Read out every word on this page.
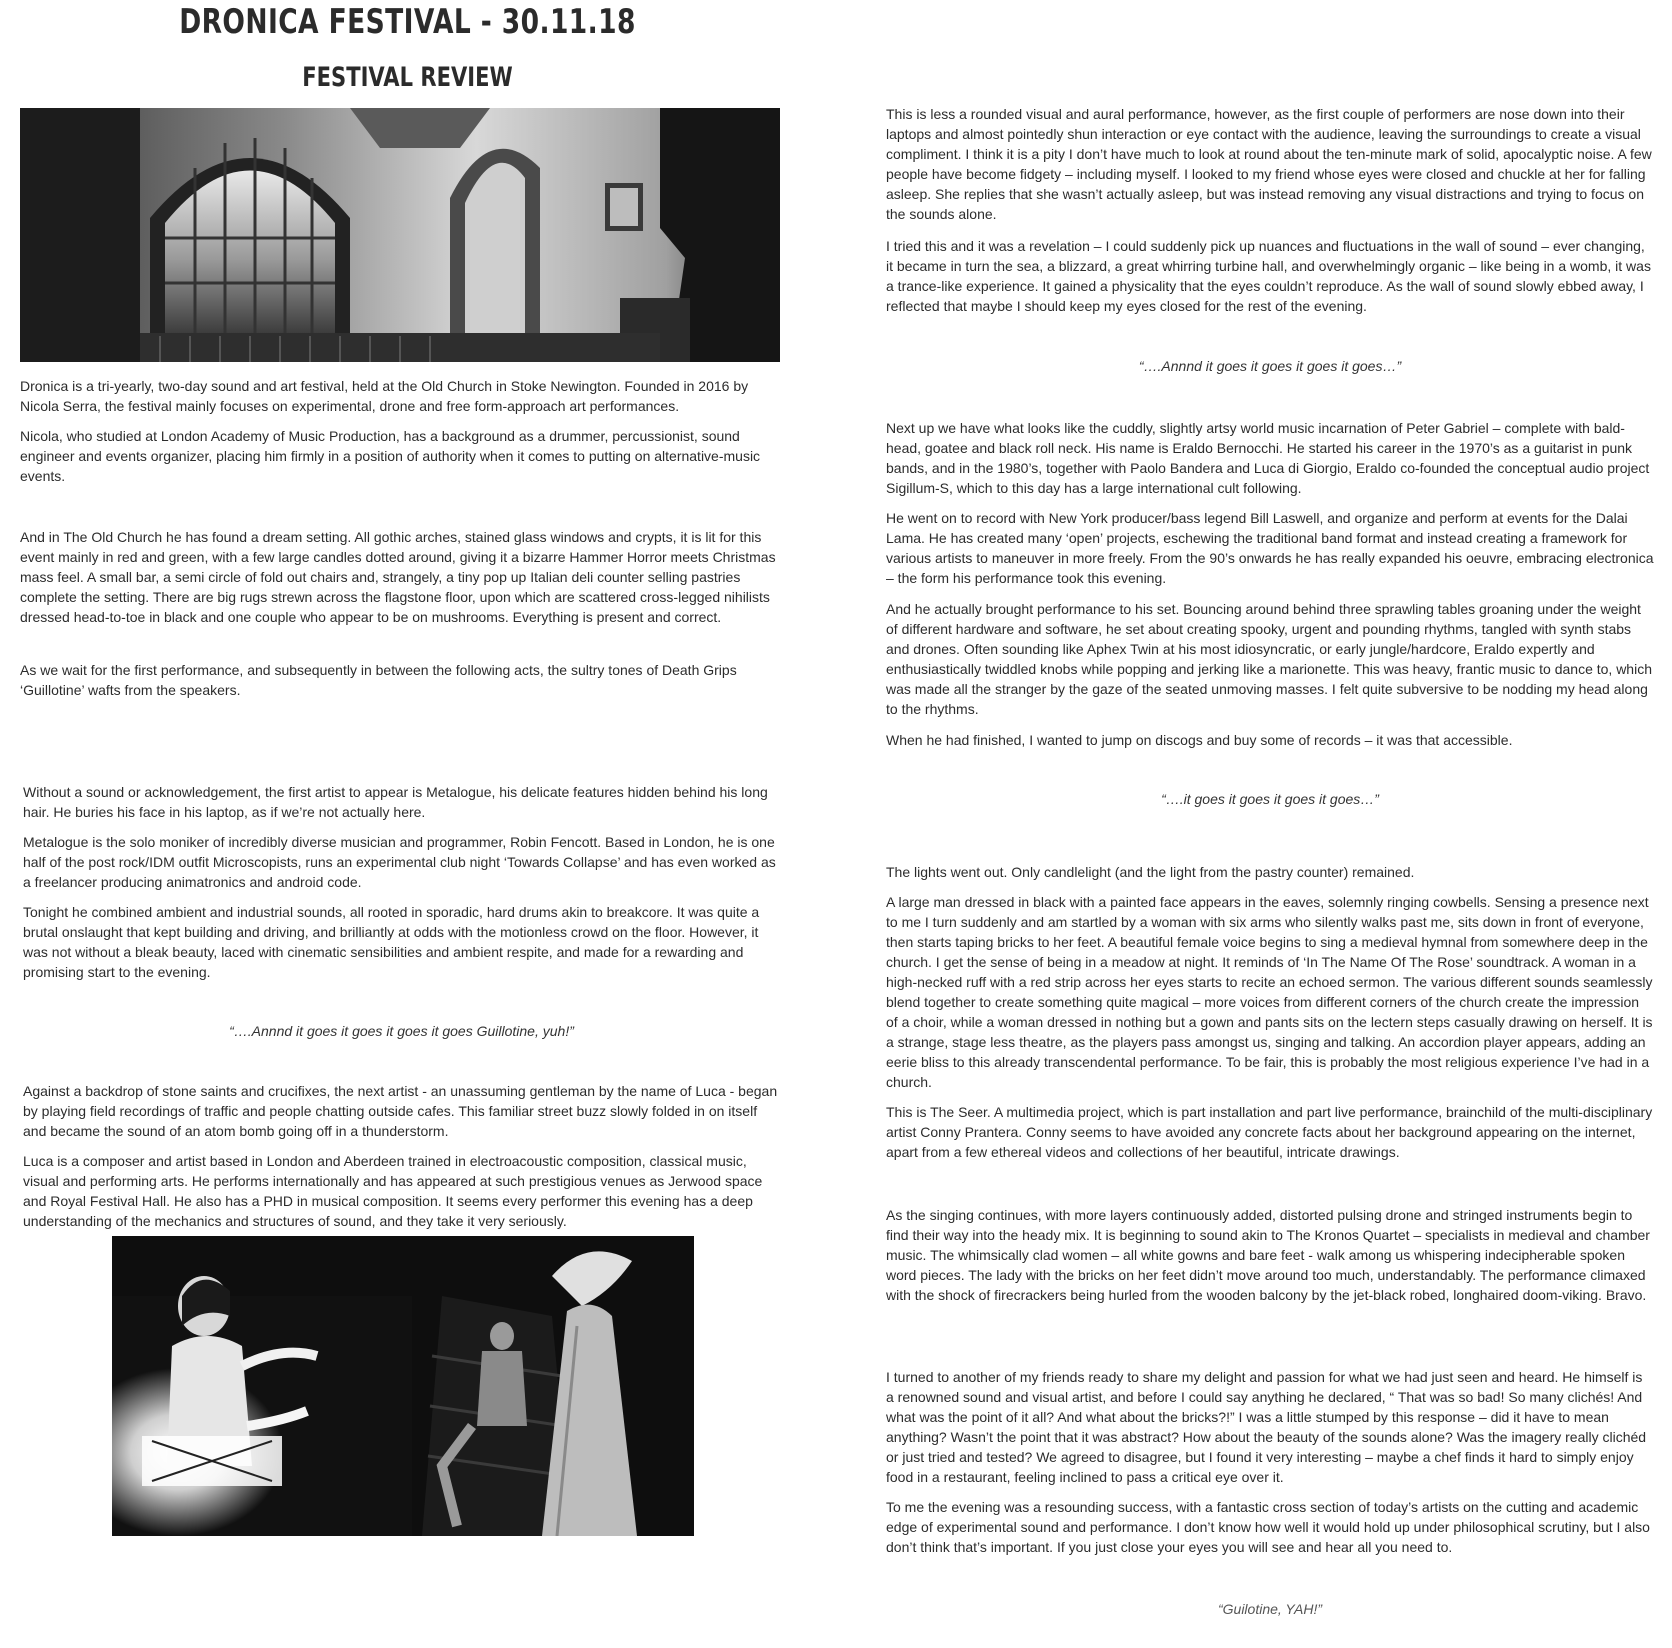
DRONICA FESTIVAL - 30.11.18
FESTIVAL REVIEW

Dronica is a tri-yearly, two-day sound and art festival, held at the Old Church in Stoke Newington. Founded in 2016 by Nicola Serra, the festival mainly focuses on experimental, drone and free form-approach art performances.

Nicola, who studied at London Academy of Music Production, has a background as a drummer, percussionist, sound engineer and events organizer, placing him firmly in a position of authority when it comes to putting on alternative-music events.

And in The Old Church he has found a dream setting. All gothic arches, stained glass windows and crypts, it is lit for this event mainly in red and green, with a few large candles dotted around, giving it a bizarre Hammer Horror meets Christmas mass feel. A small bar, a semi circle of fold out chairs and, strangely, a tiny pop up Italian deli counter selling pastries complete the setting. There are big rugs strewn across the flagstone floor, upon which are scattered cross-legged nihilists dressed head-to-toe in black and one couple who appear to be on mushrooms. Everything is present and correct.

As we wait for the first performance, and subsequently in between the following acts, the sultry tones of Death Grips ‘Guillotine’ wafts from the speakers.

Without a sound or acknowledgement, the first artist to appear is Metalogue, his delicate features hidden behind his long hair. He buries his face in his laptop, as if we’re not actually here.

Metalogue is the solo moniker of incredibly diverse musician and programmer, Robin Fencott. Based in London, he is one half of the post rock/IDM outfit Microscopists, runs an experimental club night ‘Towards Collapse’ and has even worked as a freelancer producing animatronics and android code.

Tonight he combined ambient and industrial sounds, all rooted in sporadic, hard drums akin to breakcore. It was quite a brutal onslaught that kept building and driving, and brilliantly at odds with the motionless crowd on the floor. However, it was not without a bleak beauty, laced with cinematic sensibilities and ambient respite, and made for a rewarding and promising start to the evening.

“….Annnd it goes it goes it goes it goes Guillotine, yuh!”

Against a backdrop of stone saints and crucifixes, the next artist - an unassuming gentleman by the name of Luca - began by playing field recordings of traffic and people chatting outside cafes. This familiar street buzz slowly folded in on itself and became the sound of an atom bomb going off in a thunderstorm.

Luca is a composer and artist based in London and Aberdeen trained in electroacoustic composition, classical music, visual and performing arts. He performs internationally and has appeared at such prestigious venues as Jerwood space and Royal Festival Hall. He also has a PHD in musical composition. It seems every performer this evening has a deep understanding of the mechanics and structures of sound, and they take it very seriously.

This is less a rounded visual and aural performance, however, as the first couple of performers are nose down into their laptops and almost pointedly shun interaction or eye contact with the audience, leaving the surroundings to create a visual compliment. I think it is a pity I don’t have much to look at round about the ten-minute mark of solid, apocalyptic noise. A few people have become fidgety – including myself. I looked to my friend whose eyes were closed and chuckle at her for falling asleep. She replies that she wasn’t actually asleep, but was instead removing any visual distractions and trying to focus on the sounds alone.

I tried this and it was a revelation – I could suddenly pick up nuances and fluctuations in the wall of sound – ever changing, it became in turn the sea, a blizzard, a great whirring turbine hall, and overwhelmingly organic – like being in a womb, it was a trance-like experience. It gained a physicality that the eyes couldn’t reproduce. As the wall of sound slowly ebbed away, I reflected that maybe I should keep my eyes closed for the rest of the evening.

“….Annnd it goes it goes it goes it goes…”

Next up we have what looks like the cuddly, slightly artsy world music incarnation of Peter Gabriel – complete with bald-head, goatee and black roll neck. His name is Eraldo Bernocchi. He started his career in the 1970’s as a guitarist in punk bands, and in the 1980’s, together with Paolo Bandera and Luca di Giorgio, Eraldo co-founded the conceptual audio project Sigillum-S, which to this day has a large international cult following.

He went on to record with New York producer/bass legend Bill Laswell, and organize and perform at events for the Dalai Lama. He has created many ‘open’ projects, eschewing the traditional band format and instead creating a framework for various artists to maneuver in more freely. From the 90’s onwards he has really expanded his oeuvre, embracing electronica – the form his performance took this evening.

And he actually brought performance to his set. Bouncing around behind three sprawling tables groaning under the weight of different hardware and software, he set about creating spooky, urgent and pounding rhythms, tangled with synth stabs and drones. Often sounding like Aphex Twin at his most idiosyncratic, or early jungle/hardcore, Eraldo expertly and enthusiastically twiddled knobs while popping and jerking like a marionette. This was heavy, frantic music to dance to, which was made all the stranger by the gaze of the seated unmoving masses. I felt quite subversive to be nodding my head along to the rhythms.

When he had finished, I wanted to jump on discogs and buy some of records – it was that accessible.

“….it goes it goes it goes it goes…”

The lights went out. Only candlelight (and the light from the pastry counter) remained.

A large man dressed in black with a painted face appears in the eaves, solemnly ringing cowbells. Sensing a presence next to me I turn suddenly and am startled by a woman with six arms who silently walks past me, sits down in front of everyone, then starts taping bricks to her feet. A beautiful female voice begins to sing a medieval hymnal from somewhere deep in the church. I get the sense of being in a meadow at night. It reminds of ‘In The Name Of The Rose’ soundtrack. A woman in a high-necked ruff with a red strip across her eyes starts to recite an echoed sermon. The various different sounds seamlessly blend together to create something quite magical – more voices from different corners of the church create the impression of a choir, while a woman dressed in nothing but a gown and pants sits on the lectern steps casually drawing on herself. It is a strange, stage less theatre, as the players pass amongst us, singing and talking. An accordion player appears, adding an eerie bliss to this already transcendental performance. To be fair, this is probably the most religious experience I’ve had in a church.

This is The Seer. A multimedia project, which is part installation and part live performance, brainchild of the multi-disciplinary artist Conny Prantera. Conny seems to have avoided any concrete facts about her background appearing on the internet, apart from a few ethereal videos and collections of her beautiful, intricate drawings.

As the singing continues, with more layers continuously added, distorted pulsing drone and stringed instruments begin to find their way into the heady mix. It is beginning to sound akin to The Kronos Quartet – specialists in medieval and chamber music. The whimsically clad women – all white gowns and bare feet - walk among us whispering indecipherable spoken word pieces. The lady with the bricks on her feet didn’t move around too much, understandably. The performance climaxed with the shock of firecrackers being hurled from the wooden balcony by the jet-black robed, longhaired doom-viking. Bravo.

I turned to another of my friends ready to share my delight and passion for what we had just seen and heard. He himself is a renowned sound and visual artist, and before I could say anything he declared, “ That was so bad! So many clichés! And what was the point of it all? And what about the bricks?!” I was a little stumped by this response – did it have to mean anything? Wasn’t the point that it was abstract? How about the beauty of the sounds alone? Was the imagery really clichéd or just tried and tested? We agreed to disagree, but I found it very interesting – maybe a chef finds it hard to simply enjoy food in a restaurant, feeling inclined to pass a critical eye over it.

To me the evening was a resounding success, with a fantastic cross section of today’s artists on the cutting and academic edge of experimental sound and performance. I don’t know how well it would hold up under philosophical scrutiny, but I also don’t think that’s important. If you just close your eyes you will see and hear all you need to.

“Guilotine, YAH!”
